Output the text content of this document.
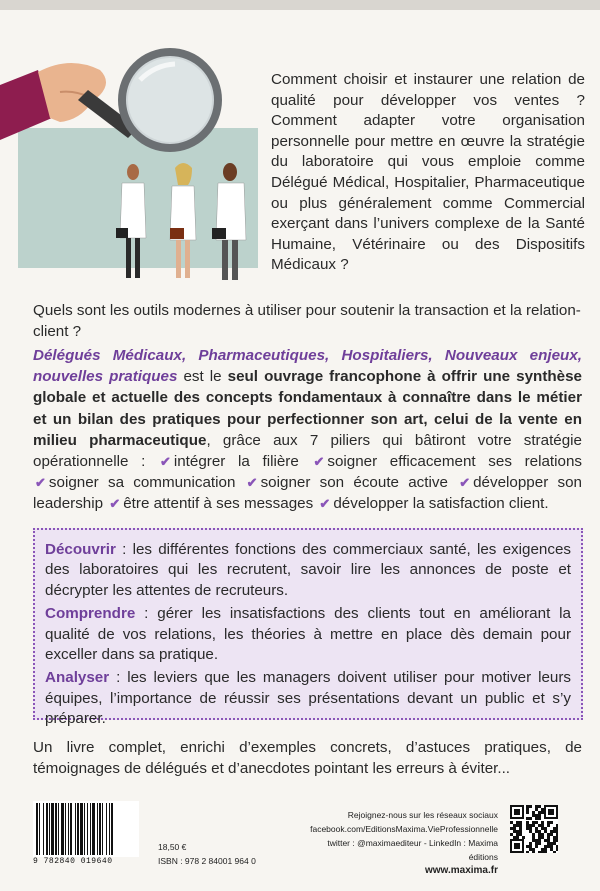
Comment choisir et instaurer une relation de qualité pour développer vos ventes ? Comment adapter votre organisation personnelle pour mettre en œuvre la stratégie du laboratoire qui vous emploie comme Délégué Médical, Hospitalier, Pharmaceutique ou plus généralement comme Commercial exerçant dans l’univers complexe de la Santé Humaine, Vétérinaire ou des Dispositifs Médicaux ?
Quels sont les outils modernes à utiliser pour soutenir la transaction et la relation-client ?
Délégués Médicaux, Pharmaceutiques, Hospitaliers, Nouveaux enjeux, nouvelles pratiques est le seul ouvrage francophone à offrir une synthèse globale et actuelle des concepts fondamentaux à connaître dans le métier et un bilan des pratiques pour perfectionner son art, celui de la vente en milieu pharmaceutique, grâce aux 7 piliers qui bâtiront votre stratégie opérationnelle : ✔ intégrer la filière ✔ soigner efficacement ses relations ✔ soigner sa communication ✔ soigner son écoute active ✔ développer son leadership ✔ être attentif à ses messages ✔ développer la satisfaction client.

Découvrir : les différentes fonctions des commerciaux santé, les exigences des laboratoires qui les recrutent, savoir lire les annonces de poste et décrypter les attentes de recruteurs.

Comprendre : gérer les insatisfactions des clients tout en améliorant la qualité de vos relations, les théories à mettre en place dès demain pour exceller dans sa pratique.

Analyser : les leviers que les managers doivent utiliser pour motiver leurs équipes, l’importance de réussir ses présentations devant un public et s’y préparer.

Un livre complet, enrichi d’exemples concrets, d’astuces pratiques, de témoignages de délégués et d’anecdotes pointant les erreurs à éviter...
9 782840 019640
18,50 €
ISBN : 978 2 84001 964 0
Rejoignez-nous sur les réseaux sociaux
facebook.com/EditionsMaxima.VieProfessionnelle
twitter : @maximaediteur - LinkedIn : Maxima éditions
www.maxima.fr
